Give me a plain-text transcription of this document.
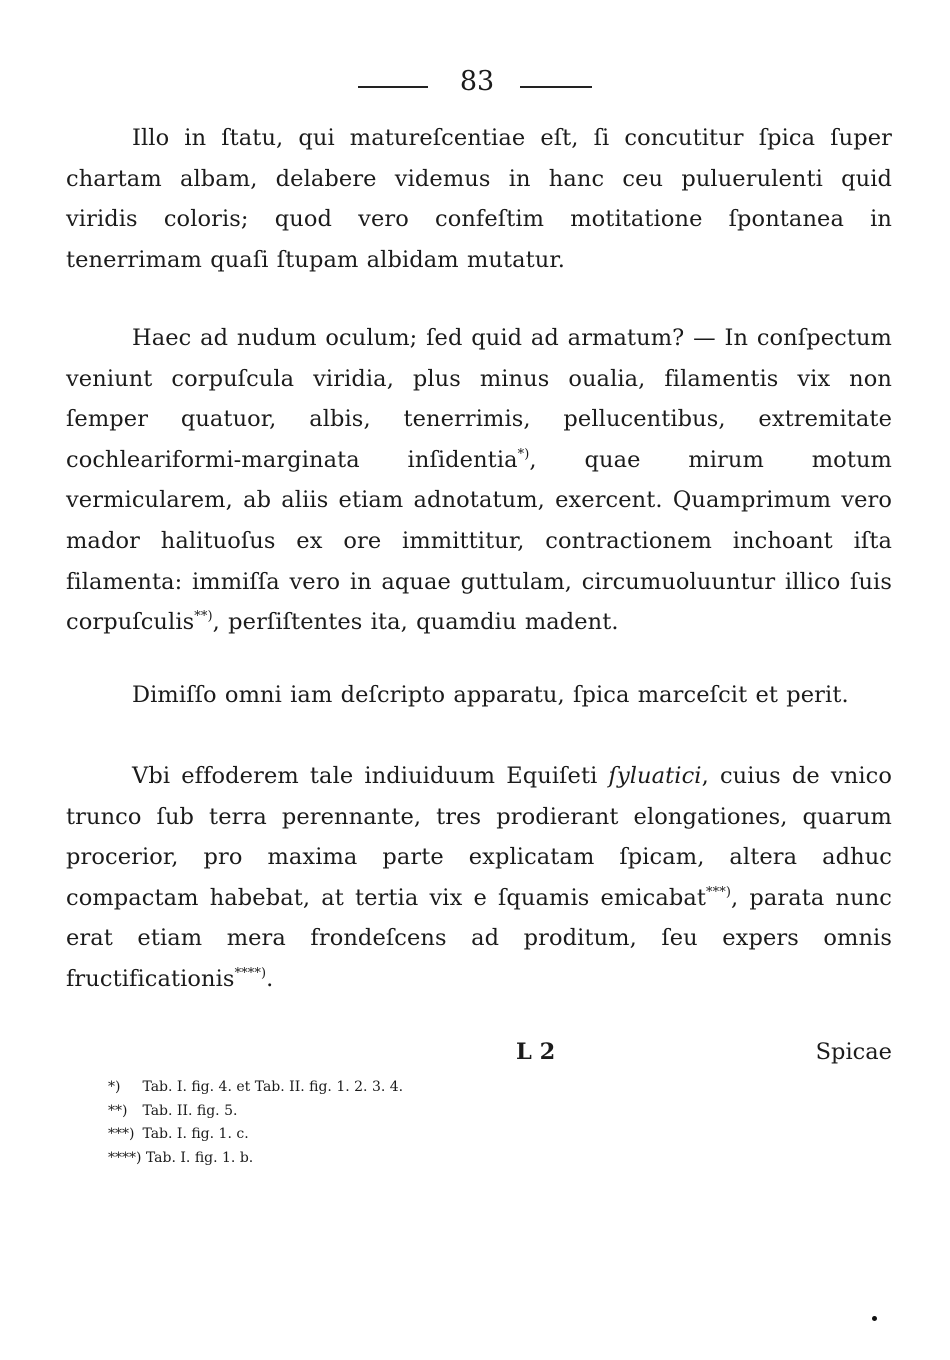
83

Illo in ſtatu, qui matureſcentiae eſt, ſi concutitur ſpica ſuper chartam albam, delabere videmus in hanc ceu puluerulenti quid viridis coloris; quod vero confeſtim motitatione ſpontanea in tenerrimam quaſi ſtupam albidam mutatur.

Haec ad nudum oculum; ſed quid ad armatum? — In conſpectum veniunt corpuſcula viridia, plus minus oualia, filamentis vix non ſemper quatuor, albis, tenerrimis, pellucentibus, extremitate cochleariformi-marginata inſidentia*), quae mirum motum vermicularem, ab aliis etiam adnotatum, exercent. Quamprimum vero mador halituoſus ex ore immittitur, contractionem inchoant iſta filamenta: immiſſa vero in aquae guttulam, circumuoluuntur illico ſuis corpuſculis**), perſiſtentes ita, quamdiu madent.

Dimiſſo omni iam deſcripto apparatu, ſpica marceſcit et perit.

Vbi effoderem tale indiuiduum Equiſeti ſyluatici, cuius de vnico trunco ſub terra perennante, tres prodierant elongationes, quarum procerior, pro maxima parte explicatam ſpicam, altera adhuc compactam habebat, at tertia vix e ſquamis emicabat***), parata nunc erat etiam mera frondeſcens ad proditum, ſeu expers omnis fructificationis****).

L 2	Spicae
*) Tab. I. fig. 4. et Tab. II. fig. 1. 2. 3. 4.
**) Tab. II. fig. 5.
***) Tab. I. fig. 1. c.
****) Tab. I. fig. 1. b.
